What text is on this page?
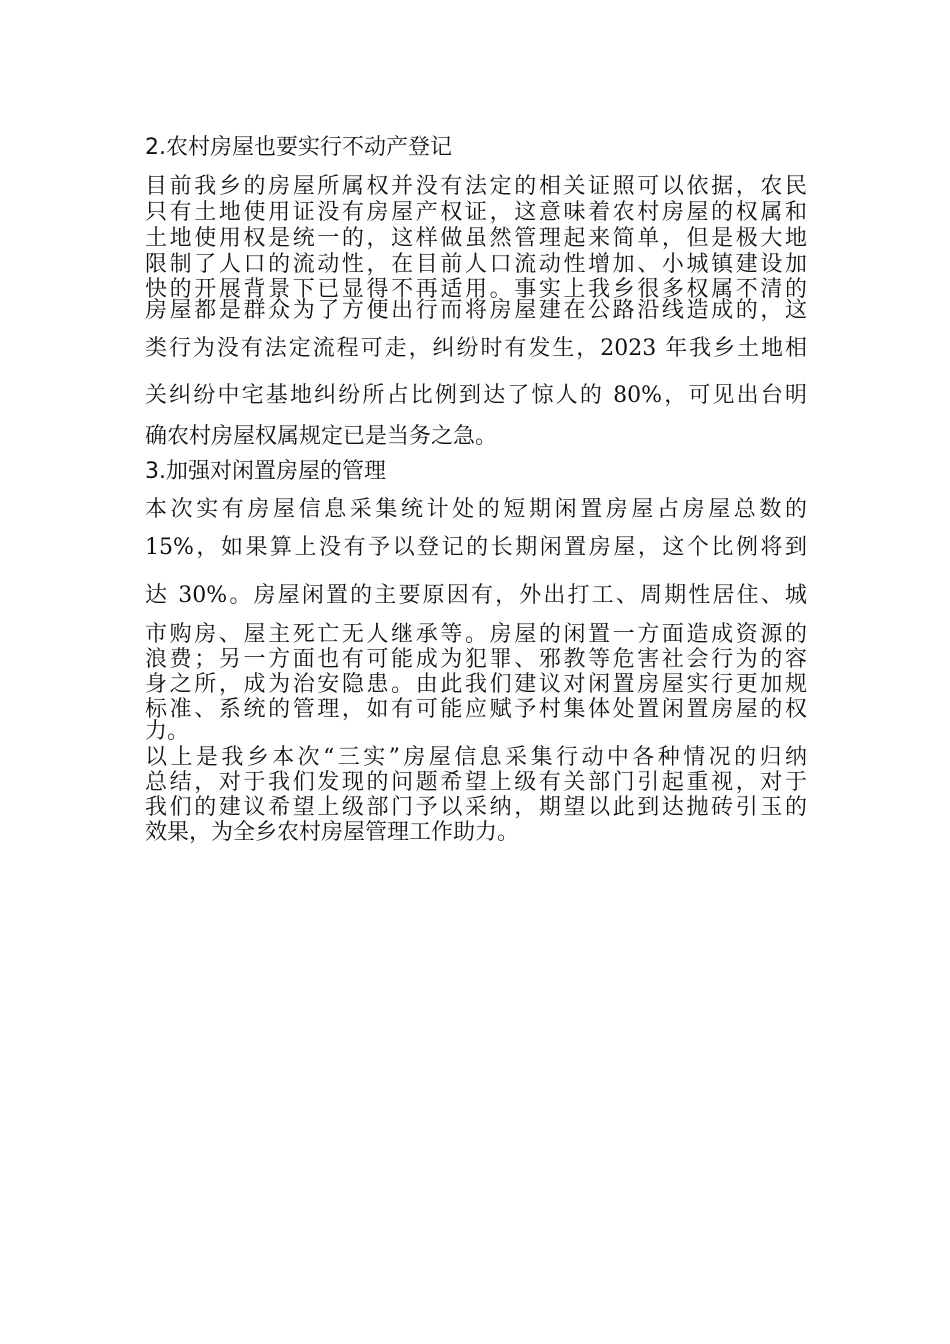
2.农村房屋也要实行不动产登记

目前我乡的房屋所属权并没有法定的相关证照可以依据，农民

只有土地使用证没有房屋产权证，这意味着农村房屋的权属和

土地使用权是统一的，这样做虽然管理起来简单，但是极大地

限制了人口的流动性，在目前人口流动性增加、小城镇建设加

快的开展背景下已显得不再适用。事实上我乡很多权属不清的

房屋都是群众为了方便出行而将房屋建在公路沿线造成的，这

类行为没有法定流程可走，纠纷时有发生，2023 年我乡土地相

关纠纷中宅基地纠纷所占比例到达了惊人的 80%，可见出台明

确农村房屋权属规定已是当务之急。

3.加强对闲置房屋的管理

本次实有房屋信息采集统计处的短期闲置房屋占房屋总数的

15%，如果算上没有予以登记的长期闲置房屋，这个比例将到

达 30%。房屋闲置的主要原因有，外出打工、周期性居住、城

市购房、屋主死亡无人继承等。房屋的闲置一方面造成资源的

浪费；另一方面也有可能成为犯罪、邪教等危害社会行为的容

身之所，成为治安隐患。由此我们建议对闲置房屋实行更加规

标准、系统的管理，如有可能应赋予村集体处置闲置房屋的权

力。

以上是我乡本次“三实”房屋信息采集行动中各种情况的归纳

总结，对于我们发现的问题希望上级有关部门引起重视，对于

我们的建议希望上级部门予以采纳，期望以此到达抛砖引玉的

效果，为全乡农村房屋管理工作助力。
